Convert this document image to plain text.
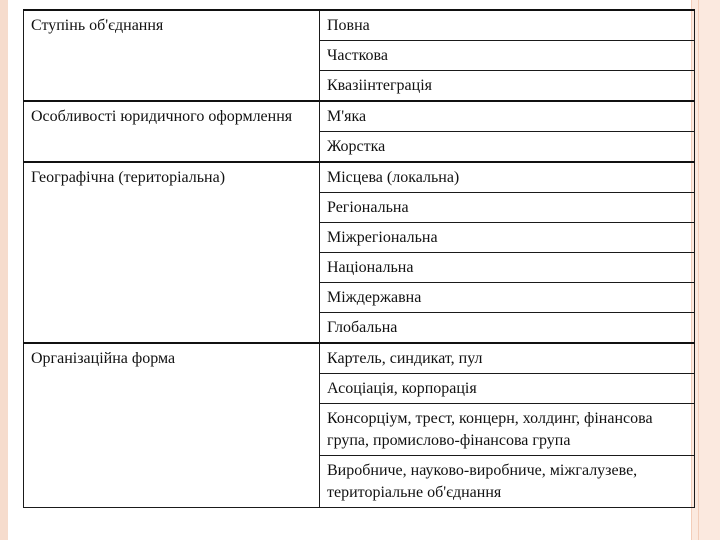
Ступінь об'єднання	Повна
	Часткова
	Квазіінтеграція
Особливості юридичного оформлення	М'яка
	Жорстка
Географічна (територіальна)	Місцева (локальна)
	Регіональна
	Міжрегіональна
	Національна
	Міждержавна
	Глобальна
Організаційна форма	Картель, синдикат, пул
	Асоціація, корпорація
	Консорціум, трест, концерн, холдинг, фінансова група, промислово-фінансова група
	Виробниче, науково-виробниче, міжгалузеве, територіальне об'єднання
